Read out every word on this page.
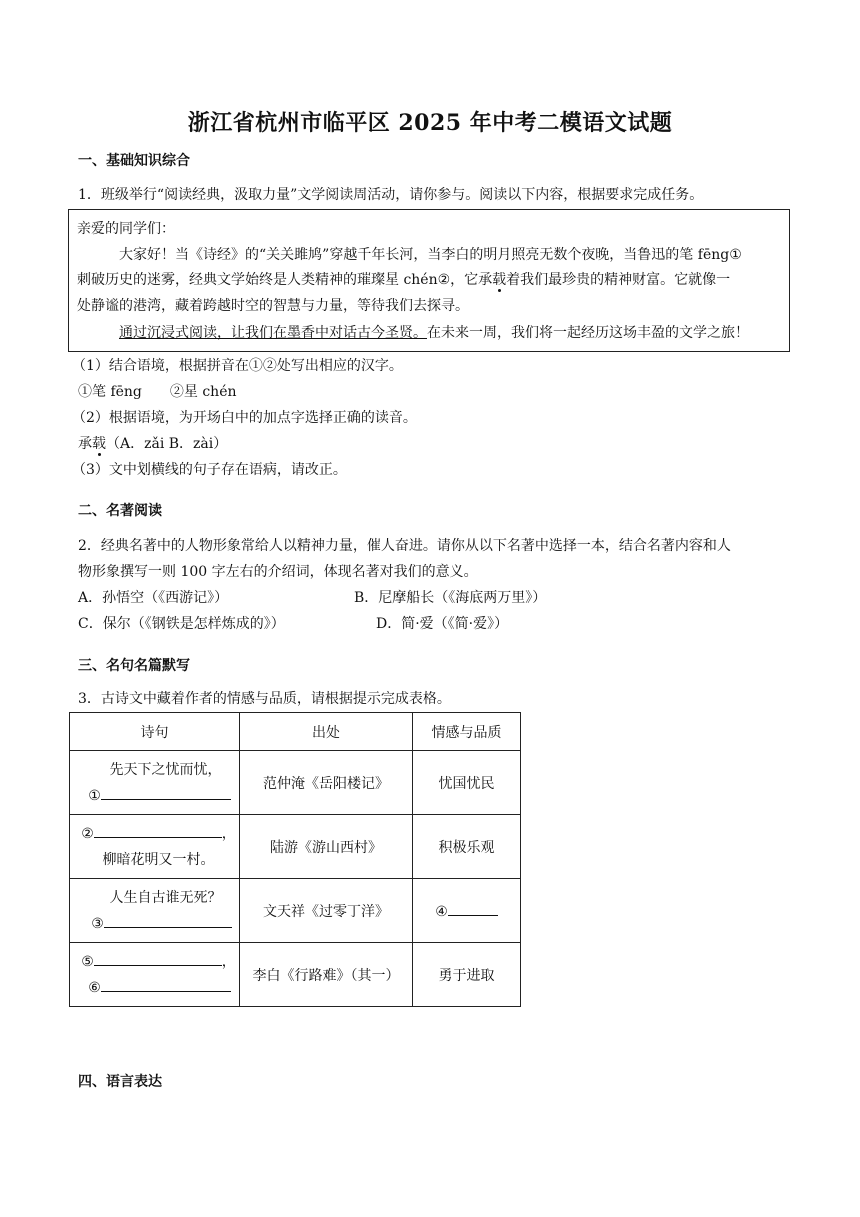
浙江省杭州市临平区 2025 年中考二模语文试题
一、基础知识综合
1．班级举行“阅读经典，汲取力量”文学阅读周活动，请你参与。阅读以下内容，根据要求完成任务。
亲爱的同学们：
大家好！当《诗经》的“关关雎鸠”穿越千年长河，当李白的明月照亮无数个夜晚，当鲁迅的笔 fēng①
刺破历史的迷雾，经典文学始终是人类精神的璀璨星 chén②，它承载着我们最珍贵的精神财富。它就像一
处静谧的港湾，藏着跨越时空的智慧与力量，等待我们去探寻。
通过沉浸式阅读，让我们在墨香中对话古今圣贤。在未来一周，我们将一起经历这场丰盈的文学之旅！
（1）结合语境，根据拼音在①②处写出相应的汉字。
①笔 fēng　　②星 chén
（2）根据语境，为开场白中的加点字选择正确的读音。
承载（A．zǎi B．zài）
（3）文中划横线的句子存在语病，请改正。
二、名著阅读
2．经典名著中的人物形象常给人以精神力量，催人奋进。请你从以下名著中选择一本，结合名著内容和人
物形象撰写一则 100 字左右的介绍词，体现名著对我们的意义。
A．孙悟空（《西游记》）	B．尼摩船长（《海底两万里》）
C．保尔（《钢铁是怎样炼成的》）	D．简·爱（《简·爱》）
三、名句名篇默写
3．古诗文中藏着作者的情感与品质，请根据提示完成表格。
诗句	出处	情感与品质

先天下之忧而忧，
①	范仲淹《岳阳楼记》	忧国忧民

② ，
柳暗花明又一村。	陆游《游山西村》	积极乐观

人生自古谁无死？
③	文天祥《过零丁洋》	④

⑤ ，
⑥	李白《行路难》（其一）	勇于进取
四、语言表达
